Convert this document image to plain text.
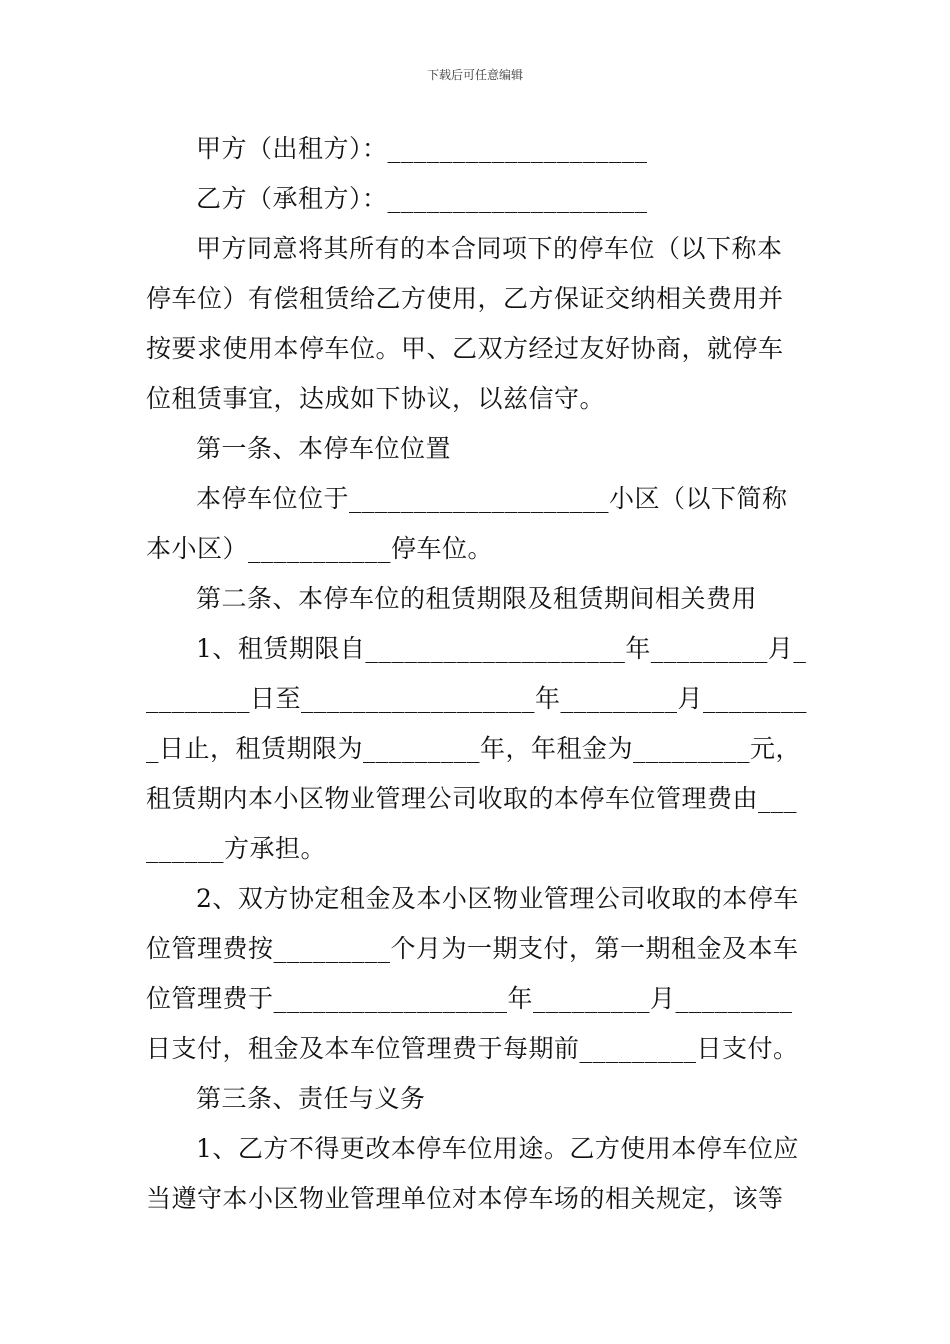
下载后可任意编辑
甲方（出租方）：____________________
乙方（承租方）：____________________
甲方同意将其所有的本合同项下的停车位（以下称本
停车位）有偿租赁给乙方使用，乙方保证交纳相关费用并
按要求使用本停车位。甲、乙双方经过友好协商，就停车
位租赁事宜，达成如下协议，以兹信守。
第一条、本停车位位置
本停车位位于____________________小区（以下简称
本小区）___________停车位。
第二条、本停车位的租赁期限及租赁期间相关费用
1、租赁期限自____________________年_________月_
________日至__________________年_________月________
_日止，租赁期限为_________年，年租金为_________元，
租赁期内本小区物业管理公司收取的本停车位管理费由___
______方承担。
2、双方协定租金及本小区物业管理公司收取的本停车
位管理费按_________个月为一期支付，第一期租金及本车
位管理费于__________________年_________月_________
日支付，租金及本车位管理费于每期前_________日支付。
第三条、责任与义务
1、乙方不得更改本停车位用途。乙方使用本停车位应
当遵守本小区物业管理单位对本停车场的相关规定，该等
